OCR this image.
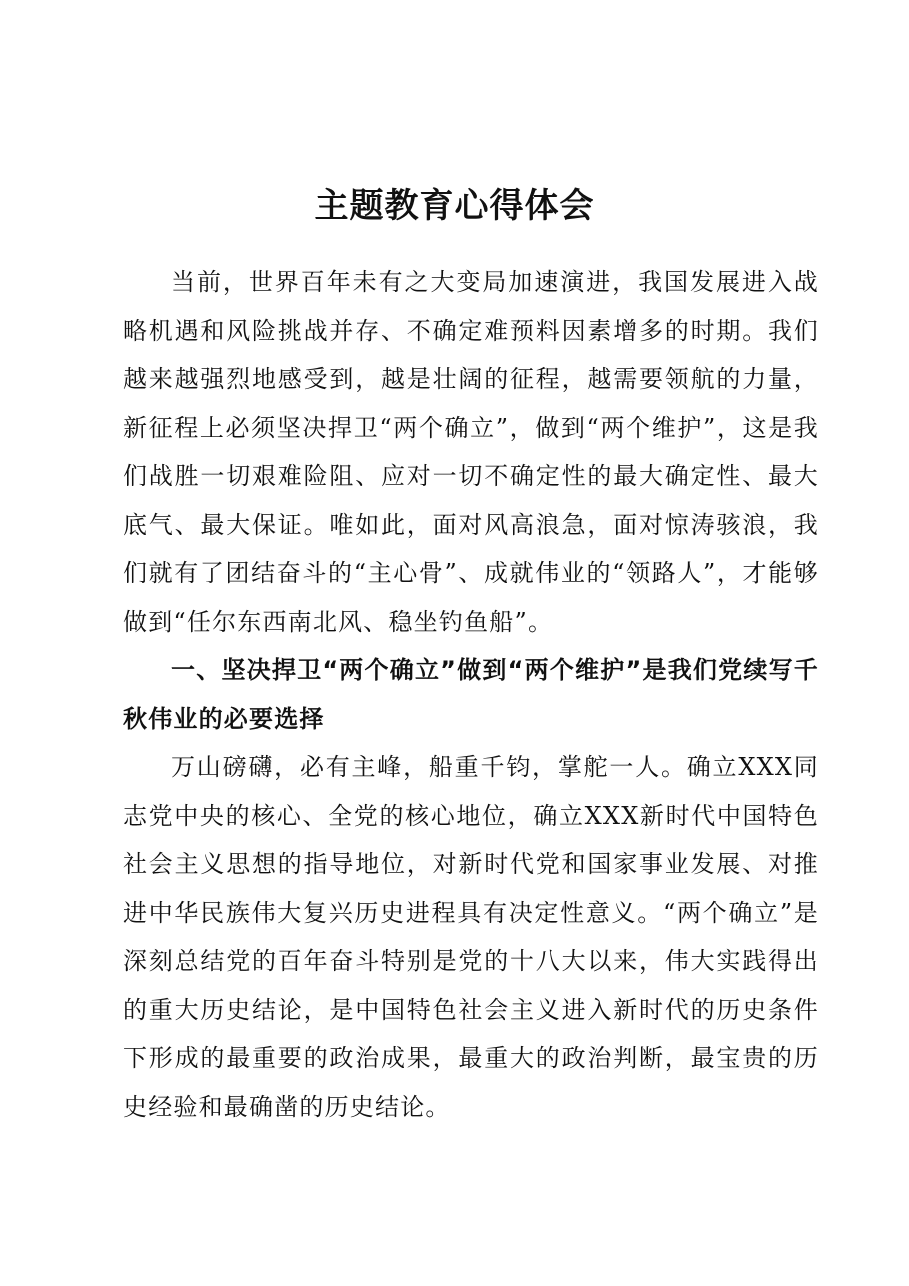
主题教育心得体会

当前，世界百年未有之大变局加速演进，我国发展进入战略机遇和风险挑战并存、不确定难预料因素增多的时期。我们越来越强烈地感受到，越是壮阔的征程，越需要领航的力量，新征程上必须坚决捍卫“两个确立”，做到“两个维护”，这是我们战胜一切艰难险阻、应对一切不确定性的最大确定性、最大底气、最大保证。唯如此，面对风高浪急，面对惊涛骇浪，我们就有了团结奋斗的“主心骨”、成就伟业的“领路人”，才能够做到“任尔东西南北风、稳坐钓鱼船”。

一、坚决捍卫“两个确立”做到“两个维护”是我们党续写千秋伟业的必要选择

万山磅礴，必有主峰，船重千钧，掌舵一人。确立XXX同志党中央的核心、全党的核心地位，确立XXX新时代中国特色社会主义思想的指导地位，对新时代党和国家事业发展、对推进中华民族伟大复兴历史进程具有决定性意义。“两个确立”是深刻总结党的百年奋斗特别是党的十八大以来，伟大实践得出的重大历史结论，是中国特色社会主义进入新时代的历史条件下形成的最重要的政治成果，最重大的政治判断，最宝贵的历史经验和最确凿的历史结论。
